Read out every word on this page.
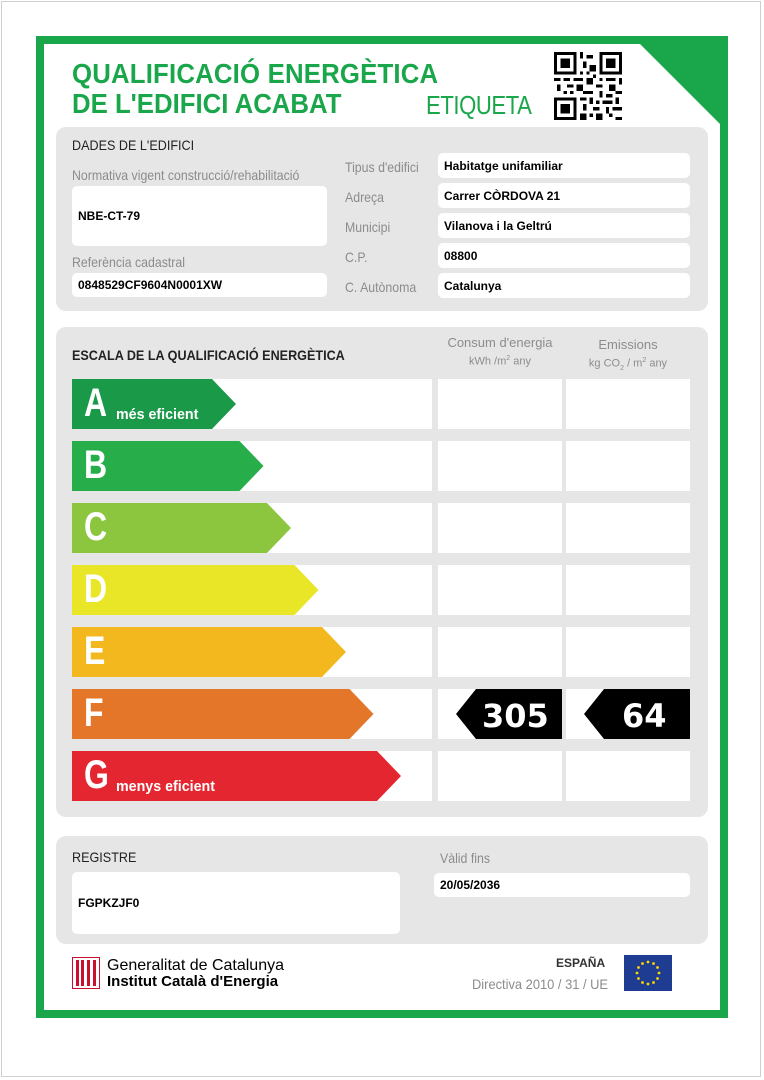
QUALIFICACIÓ ENERGÈTICA
DE L'EDIFICI ACABAT	ETIQUETA
DADES DE L'EDIFICI
Normativa vigent construcció/rehabilitació
NBE-CT-79
Referència cadastral
0848529CF9604N0001XW
Tipus d'edifici	Habitatge unifamiliar
Adreça	Carrer CÒRDOVA 21
Municipi	Vilanova i la Geltrú
C.P.	08800
C. Autònoma	Catalunya
ESCALA DE LA QUALIFICACIÓ ENERGÈTICA
Consum d'energia
kWh $/m^2$ any
Emissions
kg $CO_2 / m^2$ any
A més eficient
B
C
D
E
F	305 64
G menys eficient
REGISTRE
FGPKZJF0
Vàlid fins
20/05/2036
Generalitat de Catalunya
Institut Català d'Energia
ESPAÑA
Directiva 2010 / 31 / UE
